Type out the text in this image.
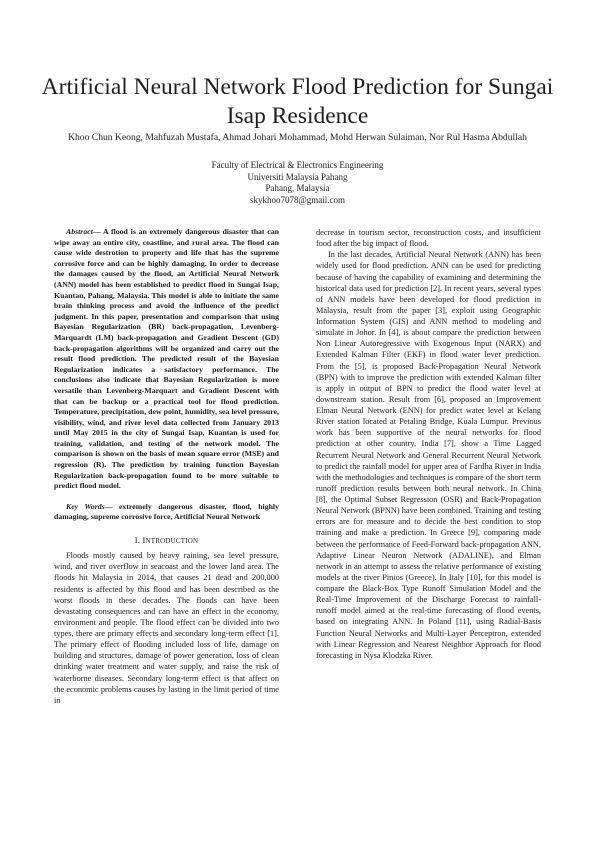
Artificial Neural Network Flood Prediction for Sungai Isap Residence
Khoo Chun Keong, Mahfuzah Mustafa, Ahmad Johari Mohammad, Mohd Herwan Sulaiman, Nor Rul Hasma Abdullah
Faculty of Electrical & Electronics Engineering
Universiti Malaysia Pahang
Pahang, Malaysia
skykhoo7078@gmail.com

Abstract— A flood is an extremely dangerous disaster that can wipe away an entire city, coastline, and rural area. The flood can cause wide destrotion to property and life that has the supreme corrosive force and can be highly damaging. In order to decrease the damages caused by the flood, an Artificial Neural Network (ANN) model has been established to predict flood in Sungai Isap, Kuantan, Pahang, Malaysia. This model is able to initiate the same brain thinking process and avoid the influence of the predict judgment. In this paper, presentation and comparison that using Bayesian Regularization (BR) back-propagation, Levenberg-Marquardt (LM) back-propagation and Gradient Descent (GD) back-propagation algorithms will be organized and carry out the result flood prediction. The predicted result of the Bayesian Regularization indicates a satisfactory performance. The conclusions also indicate that Bayesian Regularization is more versatile than Levenberg-Marquart and Gradient Descent with that can be backup or a practical tool for flood prediction. Temperature, precipitation, dew point, humidity, sea level pressure, visibility, wind, and river level data collected from January 2013 until May 2015 in the city of Sungai Isap, Kuantan is used for training, validation, and testing of the network model. The comparison is shown on the basis of mean square error (MSE) and regression (R). The prediction by training function Bayesian Regularization back-propagation found to be more suitable to predict flood model.

Key Words— extremely dangerous disaster, flood, highly damaging, supreme corrosive force, Artificial Neural Network

I. INTRODUCTION

Floods mostly caused by heavy raining, sea level pressure, wind, and river overflow in seacoast and the lower land area. The floods hit Malaysia in 2014, that causes 21 dead and 200,000 residents is affected by this flood and has been described as the worst floods in these decades. The floods can have been devastating consequences and can have an effect in the economy, environment and people. The flood effect can be divided into two types, there are primary effects and secondary long-term effect [1]. The primary effect of flooding included loss of life, damage on building and structures, damage of power generation, loss of clean drinking water treatment and water supply, and raise the risk of waterborne diseases. Secondary long-term effect is that affect on the economic problems causes by lasting in the limit period of time in

decrease in tourism sector, reconstruction costs, and insufficient food after the big impact of flood.

In the last decades, Artificial Neural Network (ANN) has been widely used for flood prediction. ANN can be used for predicting because of having the capability of examining and determining the historical data used for prediction [2]. In recent years, several types of ANN models have been developed for flood prediction in Malaysia, result from the paper [3], exploit using Geographic Information System (GIS) and ANN method to modeling and simulate in Johor. In [4], is about compare the prediction between Non Linear Autoregressive with Exogenous Input (NARX) and Extended Kalman Filter (EKF) in flood water lever prediction. From the [5], is proposed Back-Propagation Neural Network (BPN) with to improve the prediction with extended Kalman filter is apply in output of BPN to predict the flood water level at downstream station. Result from [6], proposed an Improvement Elman Neural Network (ENN) for predict water level at Kelang River station located at Petaling Bridge, Kuala Lumpur. Previous work has been supportive of the neural networks for flood prediction at other country, India [7], show a Time Lagged Recurrent Neural Network and General Recurrent Neural Network to predict the rainfall model for upper area of Fardha River in India with the methodologies and techniques is compare of the short term runoff prediction results between both neural network. In China [8], the Optimal Subset Regression (OSR) and Back-Propagation Neural Network (BPNN) have been combined. Training and testing errors are for measure and to decide the best condition to stop training and make a prediction. In Greece [9], comparing made between the performance of Feed-Forward back-propagation ANN, Adaptive Linear Neuron Network (ADALINE), and Elman network in an attempt to assess the relative performance of existing models at the river Pinios (Greece). In Italy [10], for this model is compare the Black-Box Type Runoff Simulation Model and the Real-Time Improvement of the Discharge Forecast to rainfall-runoff model aimed at the real-time forecasting of flood events, based on integrating ANN. In Poland [11], using Radial-Basis Function Neural Networks and Multi-Layer Perceptron, extended with Linear Regression and Nearest Neighbor Approach for flood forecasting in Nysa Klodzka River.
